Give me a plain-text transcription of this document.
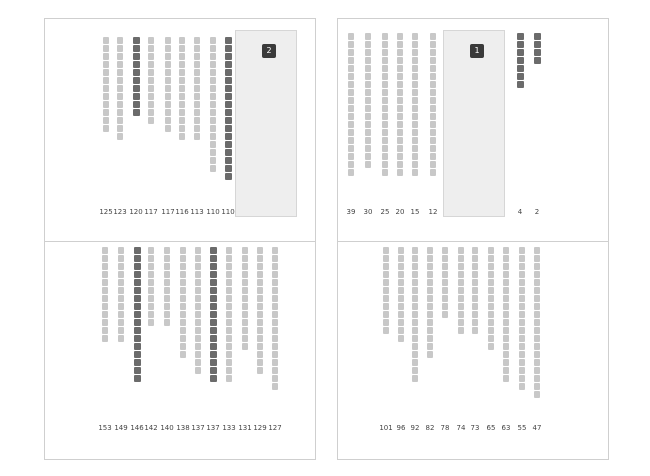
2
110
110
113
116
117
117
120
123
125
127
129
131
133
137
137
138
140
142
146
149
153
1
2
4
12
15
20
25
30
39
47
55
63
65
73
74
78
82
92
96
101
